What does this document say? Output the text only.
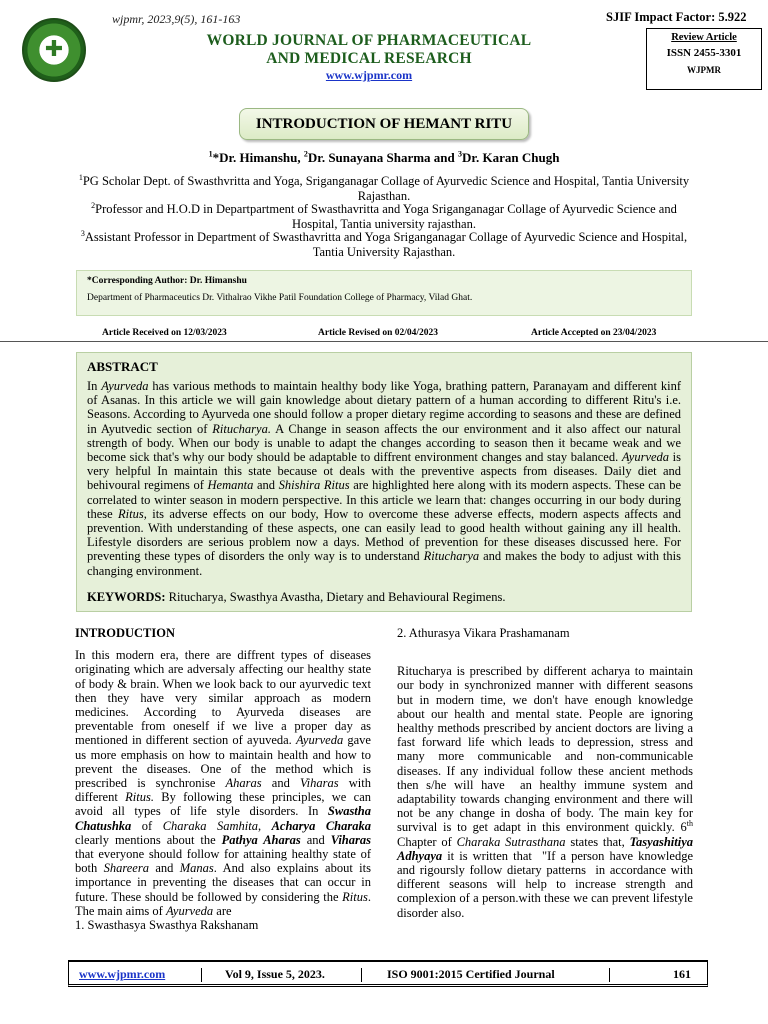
✚
wjpmr, 2023,9(5), 161-163	SJIF Impact Factor: 5.922
WORLD JOURNAL OF PHARMACEUTICAL
AND MEDICAL RESEARCH
www.wjpmr.com
Review Article
ISSN 2455-3301
WJPMR
INTRODUCTION OF HEMANT RITU
$^1$*Dr. Himanshu, $^2$Dr. Sunayana Sharma and $^3$Dr. Karan Chugh
$^1$PG Scholar Dept. of Swasthvritta and Yoga, Sriganganagar Collage of Ayurvedic Science and Hospital, Tantia University Rajasthan.
$^2$Professor and H.O.D in Departpartment of Swasthavritta and Yoga Sriganganagar Collage of Ayurvedic Science and Hospital, Tantia university rajasthan.
$^3$Assistant Professor in Department of Swasthavritta and Yoga Sriganganagar Collage of Ayurvedic Science and Hospital, Tantia University Rajasthan.
*Corresponding Author: Dr. Himanshu
Department of Pharmaceutics Dr. Vithalrao Vikhe Patil Foundation College of Pharmacy, Vilad Ghat.
Article Received on 12/03/2023	Article Revised on 02/04/2023	Article Accepted on 23/04/2023
ABSTRACT

In Ayurveda has various methods to maintain healthy body like Yoga, brathing pattern, Paranayam and different kinf of Asanas. In this article we will gain knowledge about dietary pattern of a human according to different Ritu's i.e. Seasons. According to Ayurveda one should follow a proper dietary regime according to seasons and these are defined in Ayutvedic section of Ritucharya. A Change in season affects the our environment and it also affect our natural strength of body. When our body is unable to adapt the changes according to season then it became weak and we become sick that's why our body should be adaptable to diffrent environment changes and stay balanced. Ayurveda is very helpful In maintain this state because ot deals with the preventive aspects from diseases. Daily diet and behivoural regimens of Hemanta and Shishira Ritus are highlighted here along with its modern aspects. These can be correlated to winter season in modern perspective. In this article we learn that: changes occurring in our body during these Ritus, its adverse effects on our body, How to overcome these adverse effects, modern aspects affects and prevention. With understanding of these aspects, one can easily lead to good health without gaining any ill health. Lifestyle disorders are serious problem now a days. Method of prevention for these diseases discussed here. For preventing these types of disorders the only way is to understand Ritucharya and makes the body to adjust with this changing environment.

KEYWORDS: Ritucharya, Swasthya Avastha, Dietary and Behavioural Regimens.
INTRODUCTION

In this modern era, there are diffrent types of diseases originating which are adversaly affecting our healthy state of body & brain. When we look back to our ayurvedic text then they have very similar approach as modern medicines. According to Ayurveda diseases are preventable from oneself if we live a proper day as mentioned in different section of ayuveda. Ayurveda gave us more emphasis on how to maintain health and how to prevent the diseases. One of the method which is prescribed is synchronise Aharas and Viharas with different Ritus. By following these principles, we can avoid all types of life style disorders. In Swastha Chatushka of Charaka Samhita, Acharya Charaka clearly mentions about the Pathya Aharas and Viharas that everyone should follow for attaining healthy state of both Shareera and Manas. And also explains about its importance in preventing the diseases that can occur in future. These should be followed by considering the Ritus. The main aims of Ayurveda are

1. Swasthasya Swasthya Rakshanam
2. Athurasya Vikara Prashamanam

Ritucharya is prescribed by different acharya to maintain our body in synchronized manner with different seasons but in modern time, we don't have enough knowledge about our health and mental state. People are ignoring healthy methods prescribed by ancient doctors are living a fast forward life which leads to depression, stress and many more communicable and non-communicable diseases. If any individual follow these ancient methods then s/he will have  an healthy immune system and adaptability towards changing environment and there will not be any change in dosha of body. The main key for survival is to get adapt in this environment quickly. 6th Chapter of Charaka Sutrasthana states that, Tasyashitiya Adhyaya it is written that  "If a person have knowledge and rigoursly follow dietary patterns  in accordance with different seasons will help to increase strength and complexion of a person.with these we can prevent lifestyle disorder also.

www.wjpmr.com	Vol 9, Issue 5, 2023.	ISO 9001:2015 Certified Journal	161
